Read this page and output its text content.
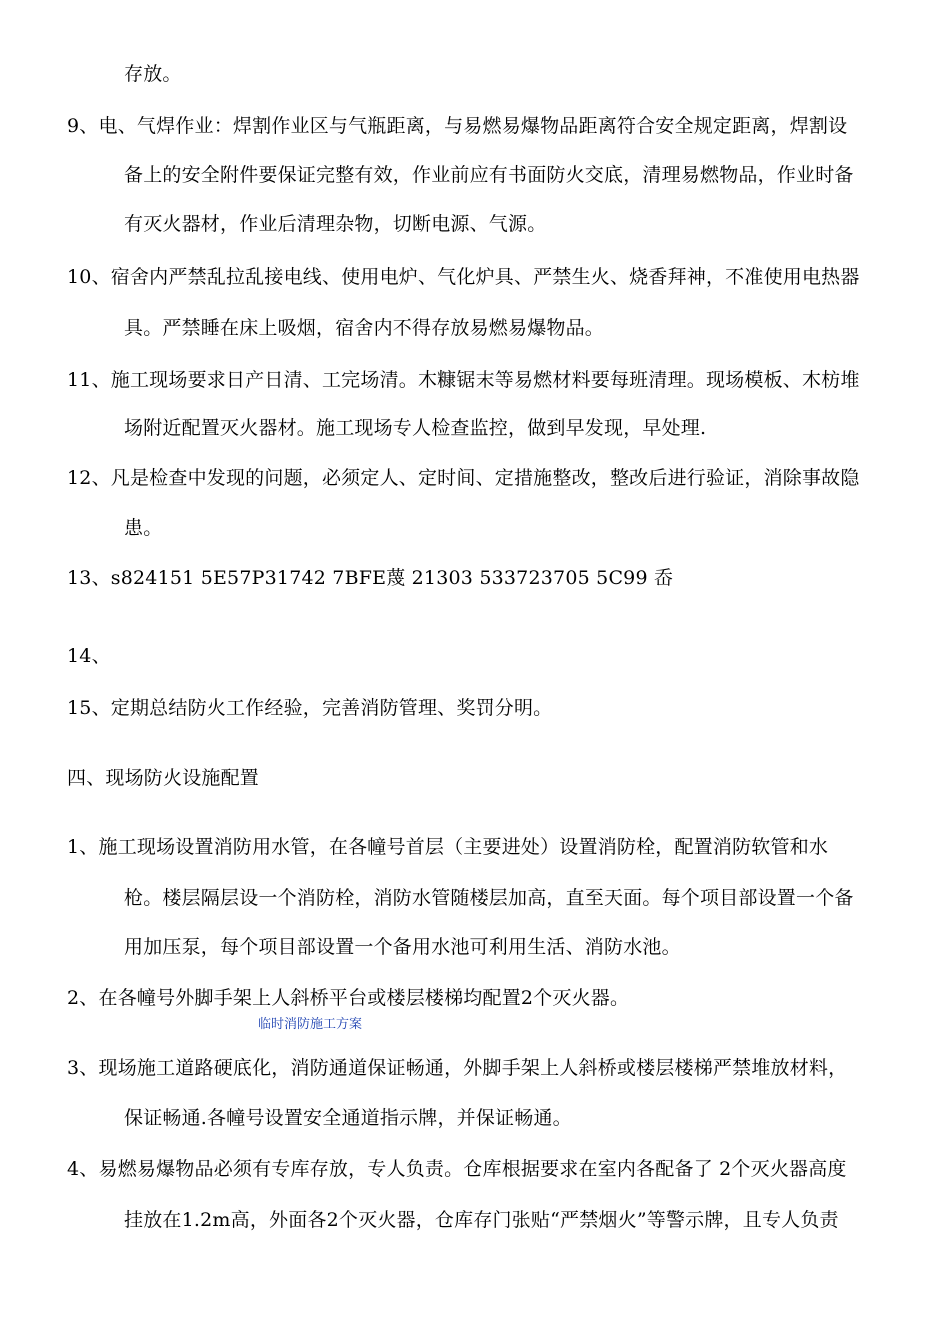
存放。
9、电、气焊作业：焊割作业区与气瓶距离，与易燃易爆物品距离符合安全规定距离，焊割设
备上的安全附件要保证完整有效，作业前应有书面防火交底，清理易燃物品，作业时备
有灭火器材，作业后清理杂物，切断电源、气源。
10、宿舍内严禁乱拉乱接电线、使用电炉、气化炉具、严禁生火、烧香拜神，不准使用电热器
具。严禁睡在床上吸烟，宿舍内不得存放易燃易爆物品。
11、施工现场要求日产日清、工完场清。木糠锯末等易燃材料要每班清理。现场模板、木枋堆
场附近配置灭火器材。施工现场专人检查监控，做到早发现，早处理.
12、凡是检查中发现的问题，必须定人、定时间、定措施整改，整改后进行验证，消除事故隐
患。
13、s824151 5E57P31742 7BFE蔑 21303 533723705 5C99 岙
14、
15、定期总结防火工作经验，完善消防管理、奖罚分明。
四、现场防火设施配置
1、施工现场设置消防用水管，在各幢号首层（主要进处）设置消防栓，配置消防软管和水
枪。楼层隔层设一个消防栓，消防水管随楼层加高，直至天面。每个项目部设置一个备
用加压泵，每个项目部设置一个备用水池可利用生活、消防水池。
2、在各幢号外脚手架上人斜桥平台或楼层楼梯均配置2个灭火器。
临时消防施工方案
3、现场施工道路硬底化，消防通道保证畅通，外脚手架上人斜桥或楼层楼梯严禁堆放材料，
保证畅通.各幢号设置安全通道指示牌，并保证畅通。
4、易燃易爆物品必须有专库存放，专人负责。仓库根据要求在室内各配备了 2个灭火器高度
挂放在1.2m高，外面各2个灭火器，仓库存门张贴“严禁烟火”等警示牌，且专人负责
